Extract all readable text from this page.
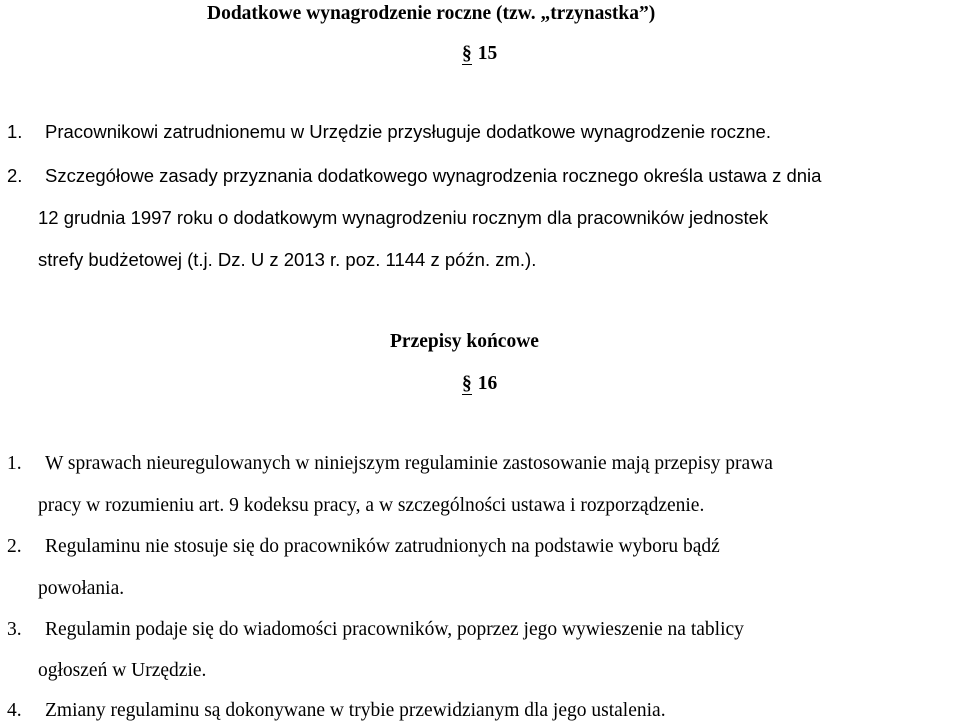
Dodatkowe wynagrodzenie roczne (tzw. „trzynastka”)
§ 15
1. Pracownikowi zatrudnionemu w Urzędzie przysługuje dodatkowe wynagrodzenie roczne.
2. Szczegółowe zasady przyznania dodatkowego wynagrodzenia rocznego określa ustawa z dnia
12 grudnia 1997 roku o dodatkowym wynagrodzeniu rocznym dla pracowników jednostek
strefy budżetowej (t.j. Dz. U z 2013 r. poz. 1144 z późn. zm.).
Przepisy końcowe
§ 16
1. W sprawach nieuregulowanych w niniejszym regulaminie zastosowanie mają przepisy prawa
pracy w rozumieniu art. 9 kodeksu pracy, a w szczególności ustawa i rozporządzenie.
2. Regulaminu nie stosuje się do pracowników zatrudnionych na podstawie wyboru bądź
powołania.
3. Regulamin podaje się do wiadomości pracowników, poprzez jego wywieszenie na tablicy
ogłoszeń w Urzędzie.
4. Zmiany regulaminu są dokonywane w trybie przewidzianym dla jego ustalenia.
